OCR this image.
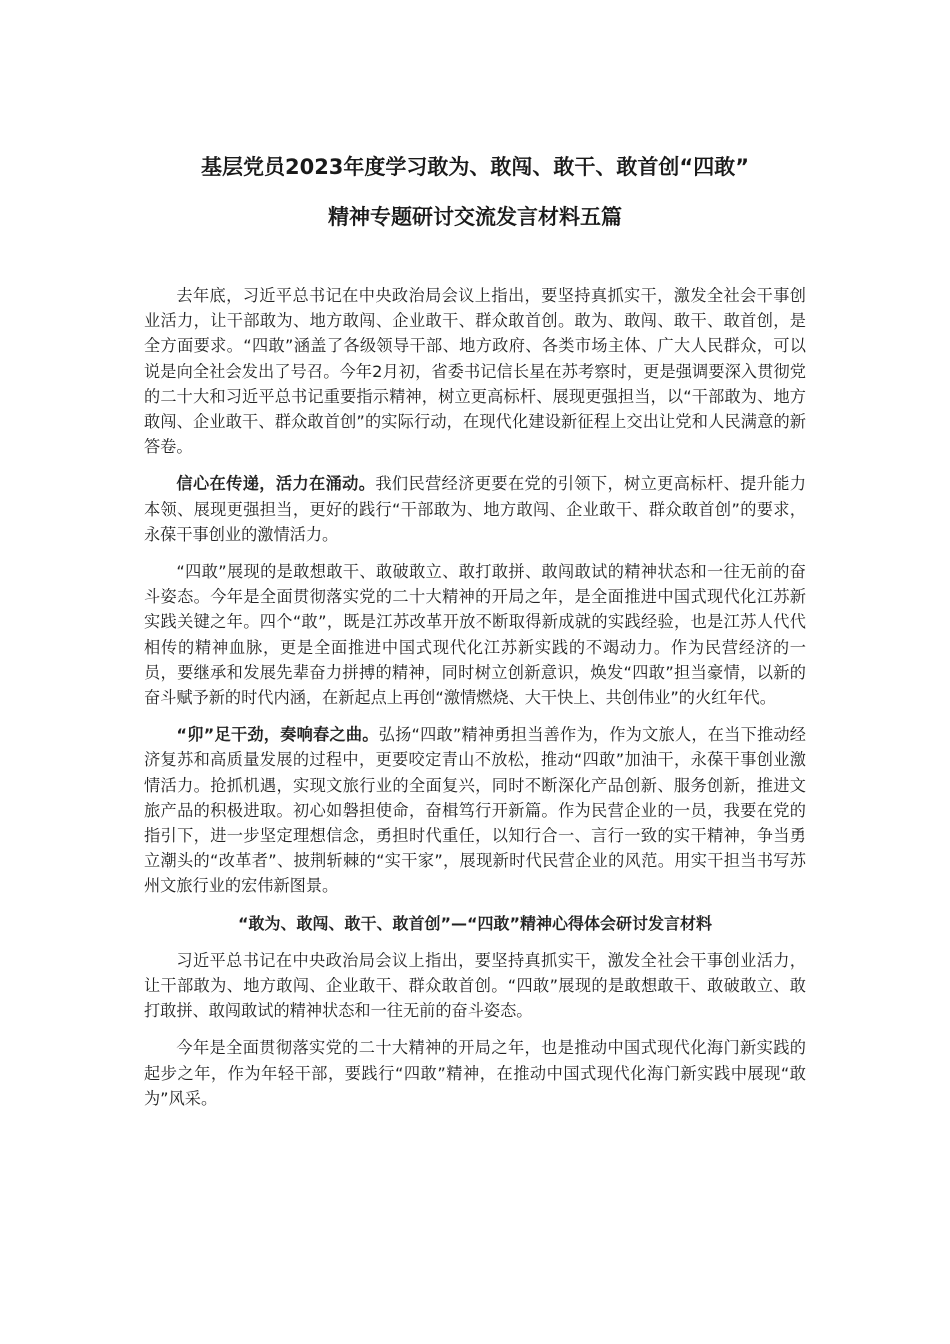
基层党员2023年度学习敢为、敢闯、敢干、敢首创“四敢”
精神专题研讨交流发言材料五篇

去年底，习近平总书记在中央政治局会议上指出，要坚持真抓实干，激发全社会干事创业活力，让干部敢为、地方敢闯、企业敢干、群众敢首创。敢为、敢闯、敢干、敢首创，是全方面要求。“四敢”涵盖了各级领导干部、地方政府、各类市场主体、广大人民群众，可以说是向全社会发出了号召。今年2月初，省委书记信长星在苏考察时，更是强调要深入贯彻党的二十大和习近平总书记重要指示精神，树立更高标杆、展现更强担当，以“干部敢为、地方敢闯、企业敢干、群众敢首创”的实际行动，在现代化建设新征程上交出让党和人民满意的新答卷。

信心在传递，活力在涌动。我们民营经济更要在党的引领下，树立更高标杆、提升能力本领、展现更强担当，更好的践行“干部敢为、地方敢闯、企业敢干、群众敢首创”的要求，永葆干事创业的激情活力。

“四敢”展现的是敢想敢干、敢破敢立、敢打敢拼、敢闯敢试的精神状态和一往无前的奋斗姿态。今年是全面贯彻落实党的二十大精神的开局之年，是全面推进中国式现代化江苏新实践关键之年。四个“敢”，既是江苏改革开放不断取得新成就的实践经验，也是江苏人代代相传的精神血脉，更是全面推进中国式现代化江苏新实践的不竭动力。作为民营经济的一员，要继承和发展先辈奋力拼搏的精神，同时树立创新意识，焕发“四敢”担当豪情，以新的奋斗赋予新的时代内涵，在新起点上再创“激情燃烧、大干快上、共创伟业”的火红年代。

“卯”足干劲，奏响春之曲。弘扬“四敢”精神勇担当善作为，作为文旅人，在当下推动经济复苏和高质量发展的过程中，更要咬定青山不放松，推动“四敢”加油干，永葆干事创业激情活力。抢抓机遇，实现文旅行业的全面复兴，同时不断深化产品创新、服务创新，推进文旅产品的积极进取。初心如磐担使命，奋楫笃行开新篇。作为民营企业的一员，我要在党的指引下，进一步坚定理想信念，勇担时代重任，以知行合一、言行一致的实干精神，争当勇立潮头的“改革者”、披荆斩棘的“实干家”，展现新时代民营企业的风范。用实干担当书写苏州文旅行业的宏伟新图景。

“敢为、敢闯、敢干、敢首创”—“四敢”精神心得体会研讨发言材料

习近平总书记在中央政治局会议上指出，要坚持真抓实干，激发全社会干事创业活力，让干部敢为、地方敢闯、企业敢干、群众敢首创。“四敢”展现的是敢想敢干、敢破敢立、敢打敢拼、敢闯敢试的精神状态和一往无前的奋斗姿态。

今年是全面贯彻落实党的二十大精神的开局之年，也是推动中国式现代化海门新实践的起步之年，作为年轻干部，要践行“四敢”精神，在推动中国式现代化海门新实践中展现“敢为”风采。
